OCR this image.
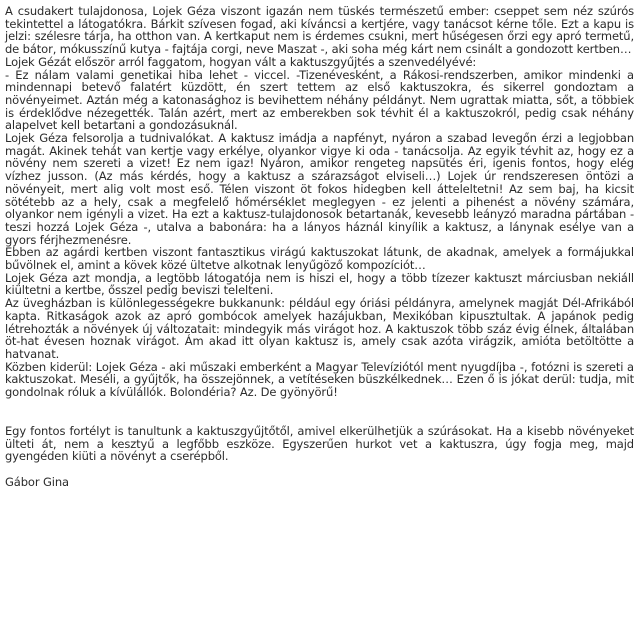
A csudakert tulajdonosa, Lojek Géza viszont igazán nem tüskés természetű ember: cseppet sem néz szúrós tekintettel a látogatókra. Bárkit szívesen fogad, aki kíváncsi a kertjére, vagy tanácsot kérne tőle. Ezt a kapu is jelzi: szélesre tárja, ha otthon van. A kertkaput nem is érdemes csukni, mert hűségesen őrzi egy apró termetű, de bátor, mókusszínű kutya - fajtája corgi, neve Maszat -, aki soha még kárt nem csinált a gondozott kertben…

Lojek Gézát először arról faggatom, hogyan vált a kaktuszgyűjtés a szenvedélyévé:

- Ez nálam valami genetikai hiba lehet - viccel. -Tizenévesként, a Rákosi-rendszerben, amikor mindenki a mindennapi betevő falatért küzdött, én szert tettem az első kaktuszokra, és sikerrel gondoztam a növényeimet. Aztán még a katonasághoz is bevihettem néhány példányt. Nem ugrattak miatta, sőt, a többiek is érdeklődve nézegették. Talán azért, mert az emberekben sok tévhit él a kaktuszokról, pedig csak néhány alapelvet kell betartani a gondozásuknál.

Lojek Géza felsorolja a tudnivalókat. A kaktusz imádja a napfényt, nyáron a szabad levegőn érzi a legjobban magát. Akinek tehát van kertje vagy erkélye, olyankor vigye ki oda - tanácsolja. Az egyik tévhit az, hogy ez a növény nem szereti a vizet! Ez nem igaz! Nyáron, amikor rengeteg napsütés éri, igenis fontos, hogy elég vízhez jusson. (Az más kérdés, hogy a kaktusz a szárazságot elviseli…) Lojek úr rendszeresen öntözi a növényeit, mert alig volt most eső. Télen viszont öt fokos hidegben kell átteleltetni! Az sem baj, ha kicsit sötétebb az a hely, csak a megfelelő hőmérséklet meglegyen - ez jelenti a pihenést a növény számára, olyankor nem igényli a vizet. Ha ezt a kaktusz-tulajdonosok betartanák, kevesebb leányzó maradna pártában - teszi hozzá Lojek Géza -, utalva a babonára: ha a lányos háznál kinyílik a kaktusz, a lánynak esélye van a gyors férjhezmenésre.

Ebben az agárdi kertben viszont fantasztikus virágú kaktuszokat látunk, de akadnak, amelyek a formájukkal bűvölnek el, amint a kövek közé ültetve alkotnak lenyűgöző kompozíciót…

Lojek Géza azt mondja, a legtöbb látogatója nem is hiszi el, hogy a több tízezer kaktuszt márciusban nekiáll kiültetni a kertbe, ősszel pedig beviszi telelteni.

Az üvegházban is különlegességekre bukkanunk: például egy óriási példányra, amelynek magját Dél-Afrikából kapta. Ritkaságok azok az apró gombócok amelyek hazájukban, Mexikóban kipusztultak. A japánok pedig létrehozták a növények új változatait: mindegyik más virágot hoz. A kaktuszok több száz évig élnek, általában öt-hat évesen hoznak virágot. Ám akad itt olyan kaktusz is, amely csak azóta virágzik, amióta betöltötte a hatvanat.

Közben kiderül: Lojek Géza - aki műszaki emberként a Magyar Televíziótól ment nyugdíjba -, fotózni is szereti a kaktuszokat. Meséli, a gyűjtők, ha összejönnek, a vetítéseken büszkélkednek… Ezen ő is jókat derül: tudja, mit gondolnak róluk a kívülállók. Bolondéria? Az. De gyönyörű!

Egy fontos fortélyt is tanultunk a kaktuszgyűjtőtől, amivel elkerülhetjük a szúrásokat. Ha a kisebb növényeket ülteti át, nem a kesztyű a legfőbb eszköze. Egyszerűen hurkot vet a kaktuszra, úgy fogja meg, majd gyengéden kiüti a növényt a cserépből.

Gábor Gina
